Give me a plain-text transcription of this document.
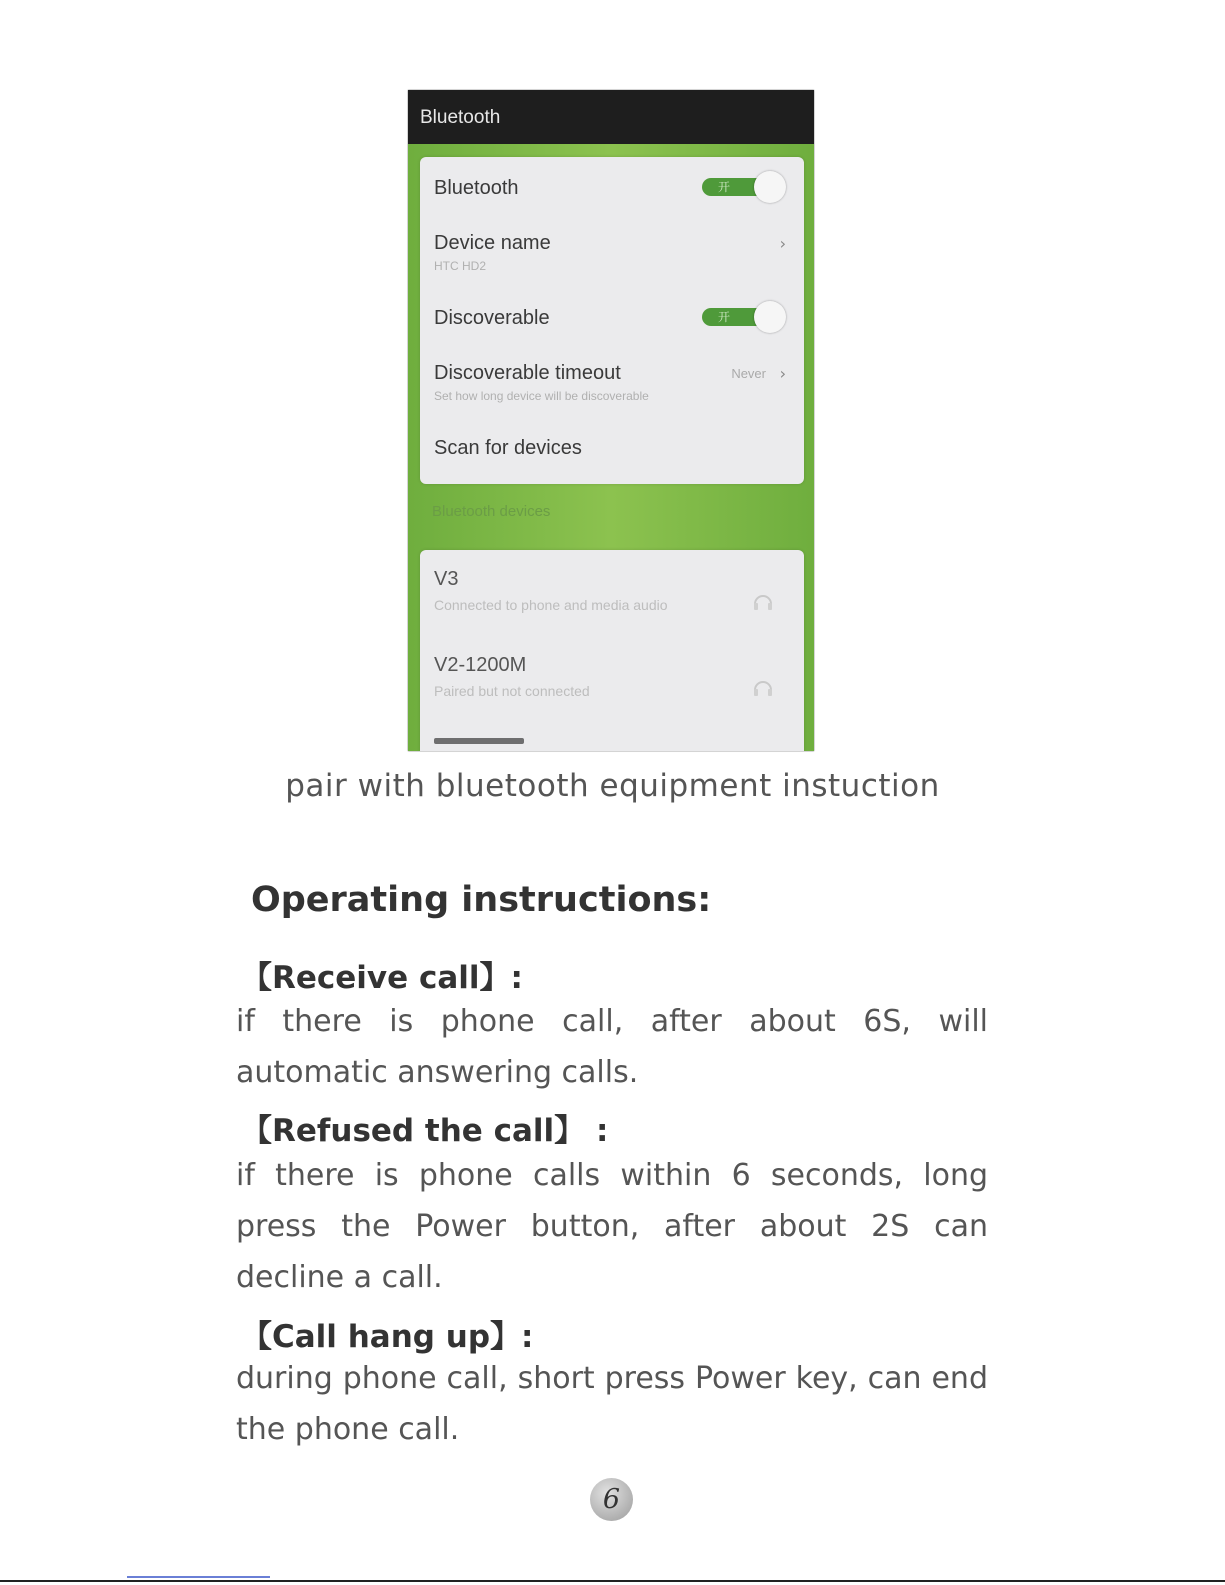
Bluetooth
Bluetooth	开
Device name
HTC HD2
›
Discoverable	开
Discoverable timeout
Set how long device will be discoverable
Never ›
Scan for devices
Bluetooth devices
V3
Connected to phone and media audio
V2-1200M
Paired but not connected
pair with bluetooth equipment instuction
Operating instructions:
【Receive call】:
if there is phone call, after about 6S, will automatic answering calls.
【Refused the call】 :
if there is phone calls within 6 seconds, long press the Power button, after about 2S can decline a call.
【Call hang up】:
during phone call, short press Power key, can end the phone call.
6
